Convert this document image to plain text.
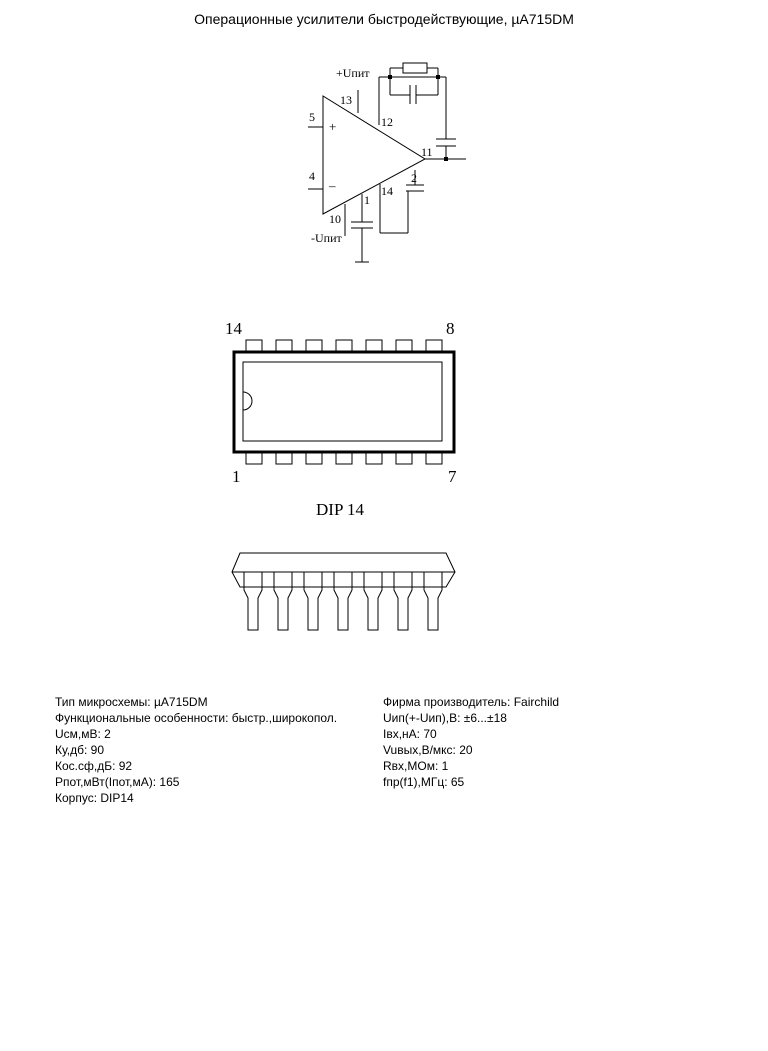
Операционные усилители быстродействующие, µA715DM
+Uпит
-Uпит
+
–
13
5
4
12
11
14
2
10
1
14	8
1	7
DIP 14
Тип микросхемы: µA715DM
Функциональные особенности: быстр.,широкопол.
Uсм,мВ: 2
Ку,дб: 90
Кос.сф,дБ: 92
Рпот,мВт(Iпот,мА): 165
Корпус: DIP14
Фирма производитель: Fairchild
Uип(+-Uип),В: ±6...±18
Iвх,нА: 70
Vuвых,В/мкс: 20
Rвх,МОм: 1
fпр(f1),МГц: 65
